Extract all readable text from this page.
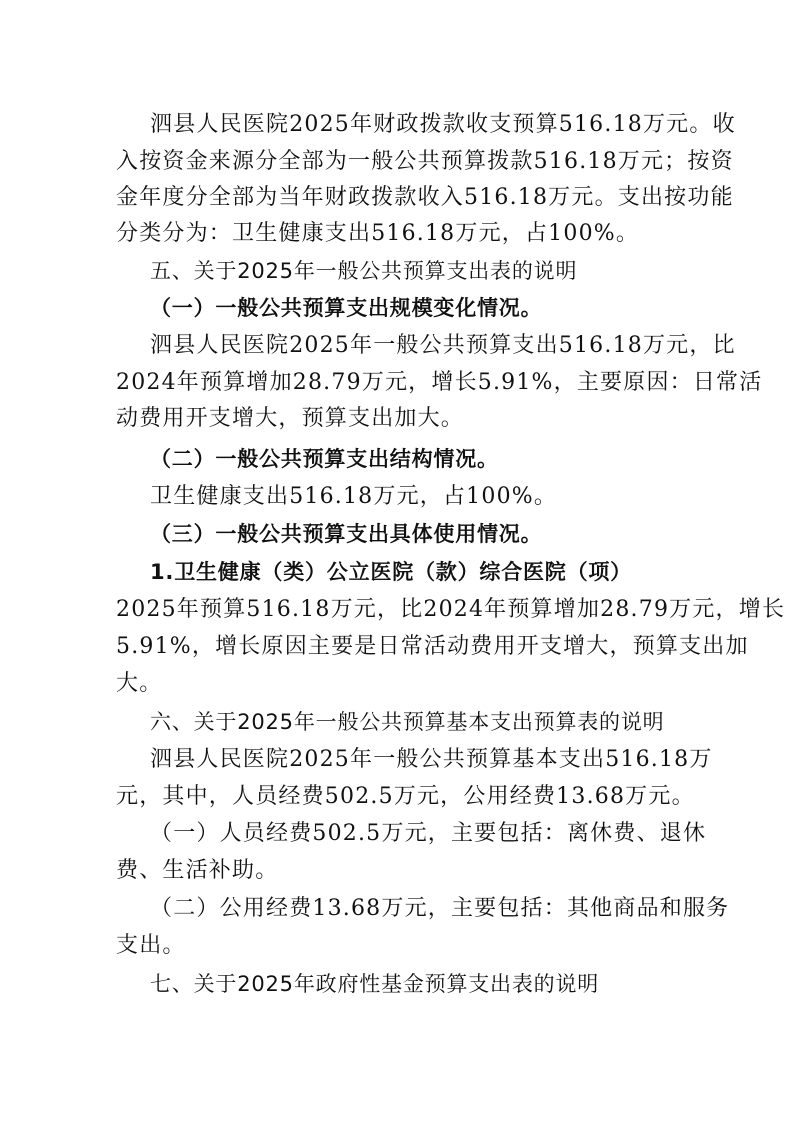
泗县人民医院2025年财政拨款收支预算516.18万元。收
入按资金来源分全部为一般公共预算拨款516.18万元；按资
金年度分全部为当年财政拨款收入516.18万元。支出按功能
分类分为：卫生健康支出516.18万元，占100%。
五、关于2025年一般公共预算支出表的说明
（一）一般公共预算支出规模变化情况。
泗县人民医院2025年一般公共预算支出516.18万元，比
2024年预算增加28.79万元，增长5.91%，主要原因：日常活
动费用开支增大，预算支出加大。
（二）一般公共预算支出结构情况。
卫生健康支出516.18万元，占100%。
（三）一般公共预算支出具体使用情况。
1.卫生健康（类）公立医院（款）综合医院（项）
2025年预算516.18万元，比2024年预算增加28.79万元，增长
5.91%，增长原因主要是日常活动费用开支增大，预算支出加
大。
六、关于2025年一般公共预算基本支出预算表的说明
泗县人民医院2025年一般公共预算基本支出516.18万
元，其中，人员经费502.5万元，公用经费13.68万元。
（一）人员经费502.5万元，主要包括：离休费、退休
费、生活补助。
（二）公用经费13.68万元，主要包括：其他商品和服务
支出。
七、关于2025年政府性基金预算支出表的说明
